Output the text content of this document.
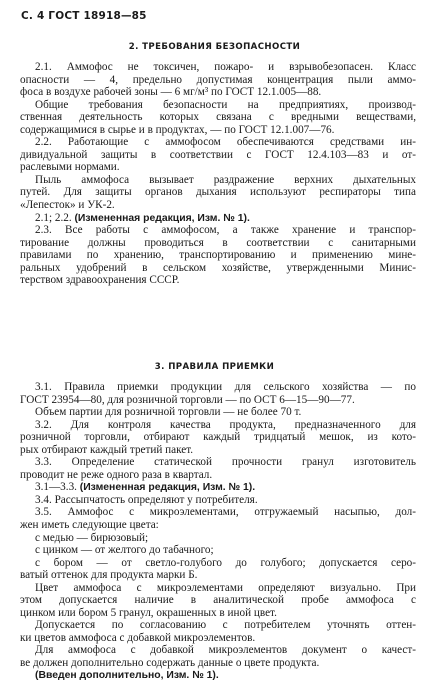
С. 4 ГОСТ 18918—85
2. ТРЕБОВАНИЯ БЕЗОПАСНОСТИ
2.1. Аммофос не токсичен, пожаро- и взрывобезопасен. Класс
опасности — 4, предельно допустимая концентрация пыли аммо-
фоса в воздухе рабочей зоны — 6 мг/м³ по ГОСТ 12.1.005—88.
Общие требования безопасности на предприятиях, производ-
ственная деятельность которых связана с вредными веществами,
содержащимися в сырье и в продуктах, — по ГОСТ 12.1.007—76.
2.2. Работающие с аммофосом обеспечиваются средствами ин-
дивидуальной защиты в соответствии с ГОСТ 12.4.103—83 и от-
раслевыми нормами.
Пыль аммофоса вызывает раздражение верхних дыхательных
путей. Для защиты органов дыхания используют респираторы типа
«Лепесток» и УК-2.
2.1; 2.2. (Измененная редакция, Изм. № 1).
2.3. Все работы с аммофосом, а также хранение и транспор-
тирование должны проводиться в соответствии с санитарными
правилами по хранению, транспортированию и применению мине-
ральных удобрений в сельском хозяйстве, утвержденными Минис-
терством здравоохранения СССР.
3. ПРАВИЛА ПРИЕМКИ
3.1. Правила приемки продукции для сельского хозяйства — по
ГОСТ 23954—80, для розничной торговли — по ОСТ 6—15—90—77.
Объем партии для розничной торговли — не более 70 т.
3.2. Для контроля качества продукта, предназначенного для
розничной торговли, отбирают каждый тридцатый мешок, из кото-
рых отбирают каждый третий пакет.
3.3. Определение статической прочности гранул изготовитель
проводит не реже одного раза в квартал.
3.1—3.3. (Измененная редакция, Изм. № 1).
3.4. Рассыпчатость определяют у потребителя.
3.5. Аммофос с микроэлементами, отгружаемый насыпью, дол-
жен иметь следующие цвета:
с медью — бирюзовый;
с цинком — от желтого до табачного;
с бором — от светло-голубого до голубого; допускается серо-
ватый оттенок для продукта марки Б.
Цвет аммофоса с микроэлементами определяют визуально. При
этом допускается наличие в аналитической пробе аммофоса с
цинком или бором 5 гранул, окрашенных в иной цвет.
Допускается по согласованию с потребителем уточнять оттен-
ки цветов аммофоса с добавкой микроэлементов.
Для аммофоса с добавкой микроэлементов документ о качест-
ве должен дополнительно содержать данные о цвете продукта.
(Введен дополнительно, Изм. № 1).
